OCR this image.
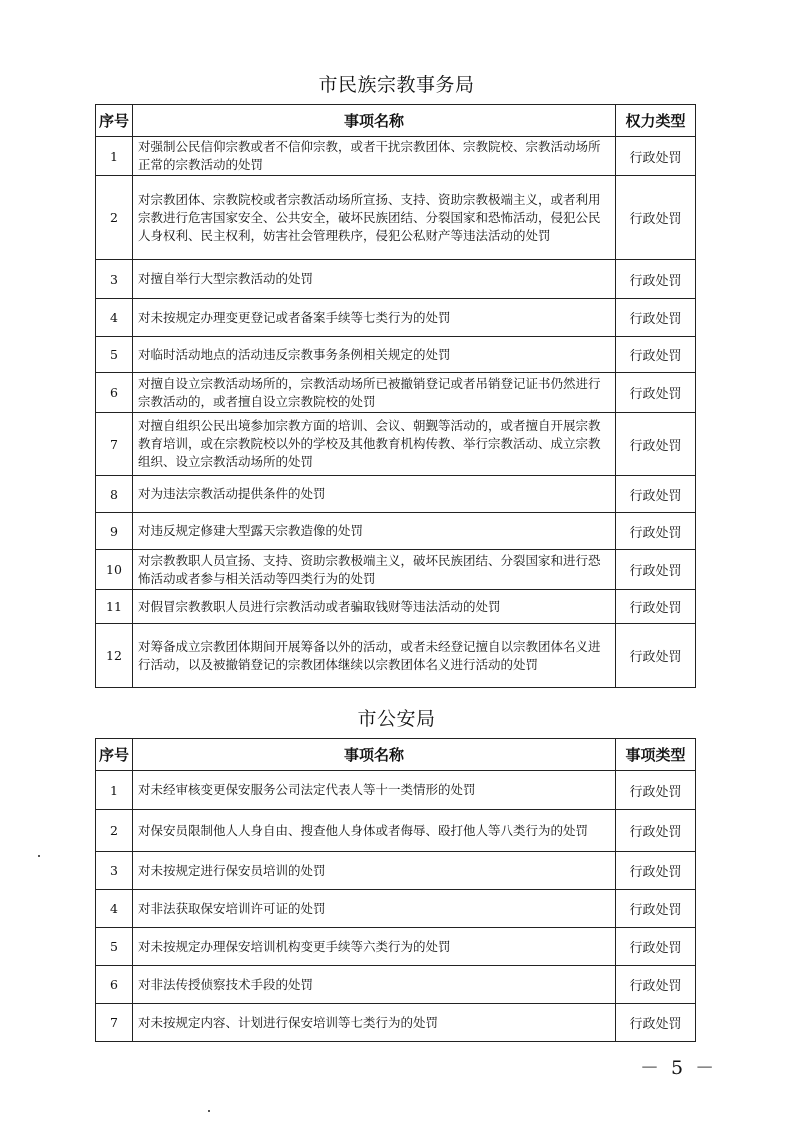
市民族宗教事务局
序号	事项名称	权力类型
1	对强制公民信仰宗教或者不信仰宗教，或者干扰宗教团体、宗教院校、宗教活动场所正常的宗教活动的处罚	行政处罚
2	对宗教团体、宗教院校或者宗教活动场所宣扬、支持、资助宗教极端主义，或者利用宗教进行危害国家安全、公共安全，破坏民族团结、分裂国家和恐怖活动，侵犯公民人身权利、民主权利，妨害社会管理秩序，侵犯公私财产等违法活动的处罚	行政处罚
3	对擅自举行大型宗教活动的处罚	行政处罚
4	对未按规定办理变更登记或者备案手续等七类行为的处罚	行政处罚
5	对临时活动地点的活动违反宗教事务条例相关规定的处罚	行政处罚
6	对擅自设立宗教活动场所的，宗教活动场所已被撤销登记或者吊销登记证书仍然进行宗教活动的，或者擅自设立宗教院校的处罚	行政处罚
7	对擅自组织公民出境参加宗教方面的培训、会议、朝觐等活动的，或者擅自开展宗教教育培训，或在宗教院校以外的学校及其他教育机构传教、举行宗教活动、成立宗教组织、设立宗教活动场所的处罚	行政处罚
8	对为违法宗教活动提供条件的处罚	行政处罚
9	对违反规定修建大型露天宗教造像的处罚	行政处罚
10	对宗教教职人员宣扬、支持、资助宗教极端主义，破坏民族团结、分裂国家和进行恐怖活动或者参与相关活动等四类行为的处罚	行政处罚
11	对假冒宗教教职人员进行宗教活动或者骗取钱财等违法活动的处罚	行政处罚
12	对筹备成立宗教团体期间开展筹备以外的活动，或者未经登记擅自以宗教团体名义进行活动，以及被撤销登记的宗教团体继续以宗教团体名义进行活动的处罚	行政处罚
市公安局
序号	事项名称	事项类型
1	对未经审核变更保安服务公司法定代表人等十一类情形的处罚	行政处罚
2	对保安员限制他人人身自由、搜查他人身体或者侮辱、殴打他人等八类行为的处罚	行政处罚
3	对未按规定进行保安员培训的处罚	行政处罚
4	对非法获取保安培训许可证的处罚	行政处罚
5	对未按规定办理保安培训机构变更手续等六类行为的处罚	行政处罚
6	对非法传授侦察技术手段的处罚	行政处罚
7	对未按规定内容、计划进行保安培训等七类行为的处罚	行政处罚
－ 5 －
